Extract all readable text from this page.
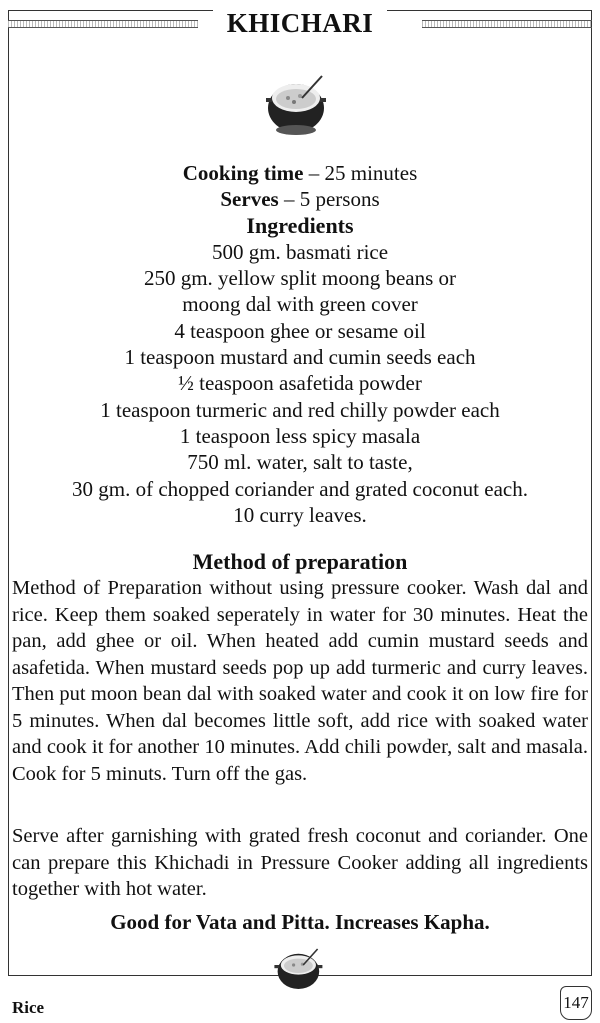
KHICHARI
Cooking time – 25 minutes
Serves – 5 persons
Ingredients
500 gm. basmati rice
250 gm. yellow split moong beans or
moong dal with green cover
4 teaspoon ghee or sesame oil
1 teaspoon mustard and cumin seeds each
½ teaspoon asafetida powder
1 teaspoon turmeric and red chilly powder each
1 teaspoon less spicy masala
750 ml. water, salt to taste,
30 gm. of chopped coriander and grated coconut each.
10 curry leaves.
Method of preparation
Method of Preparation without using pressure cooker. Wash dal and rice. Keep them soaked seperately in water for 30 minutes. Heat the pan, add ghee or oil. When heated add cumin mustard seeds and asafetida. When mustard seeds pop up add turmeric and curry leaves. Then put moon bean dal with soaked water and cook it on low fire for 5 minutes. When dal becomes little soft, add rice with soaked water and cook it for another 10 minutes. Add chili powder, salt and masala. Cook for 5 minuts. Turn off the gas.
Serve after garnishing with grated fresh coconut and coriander. One can prepare this Khichadi in Pressure Cooker adding all ingredients together with hot water.
Good for Vata and Pitta. Increases Kapha.
Rice	147
